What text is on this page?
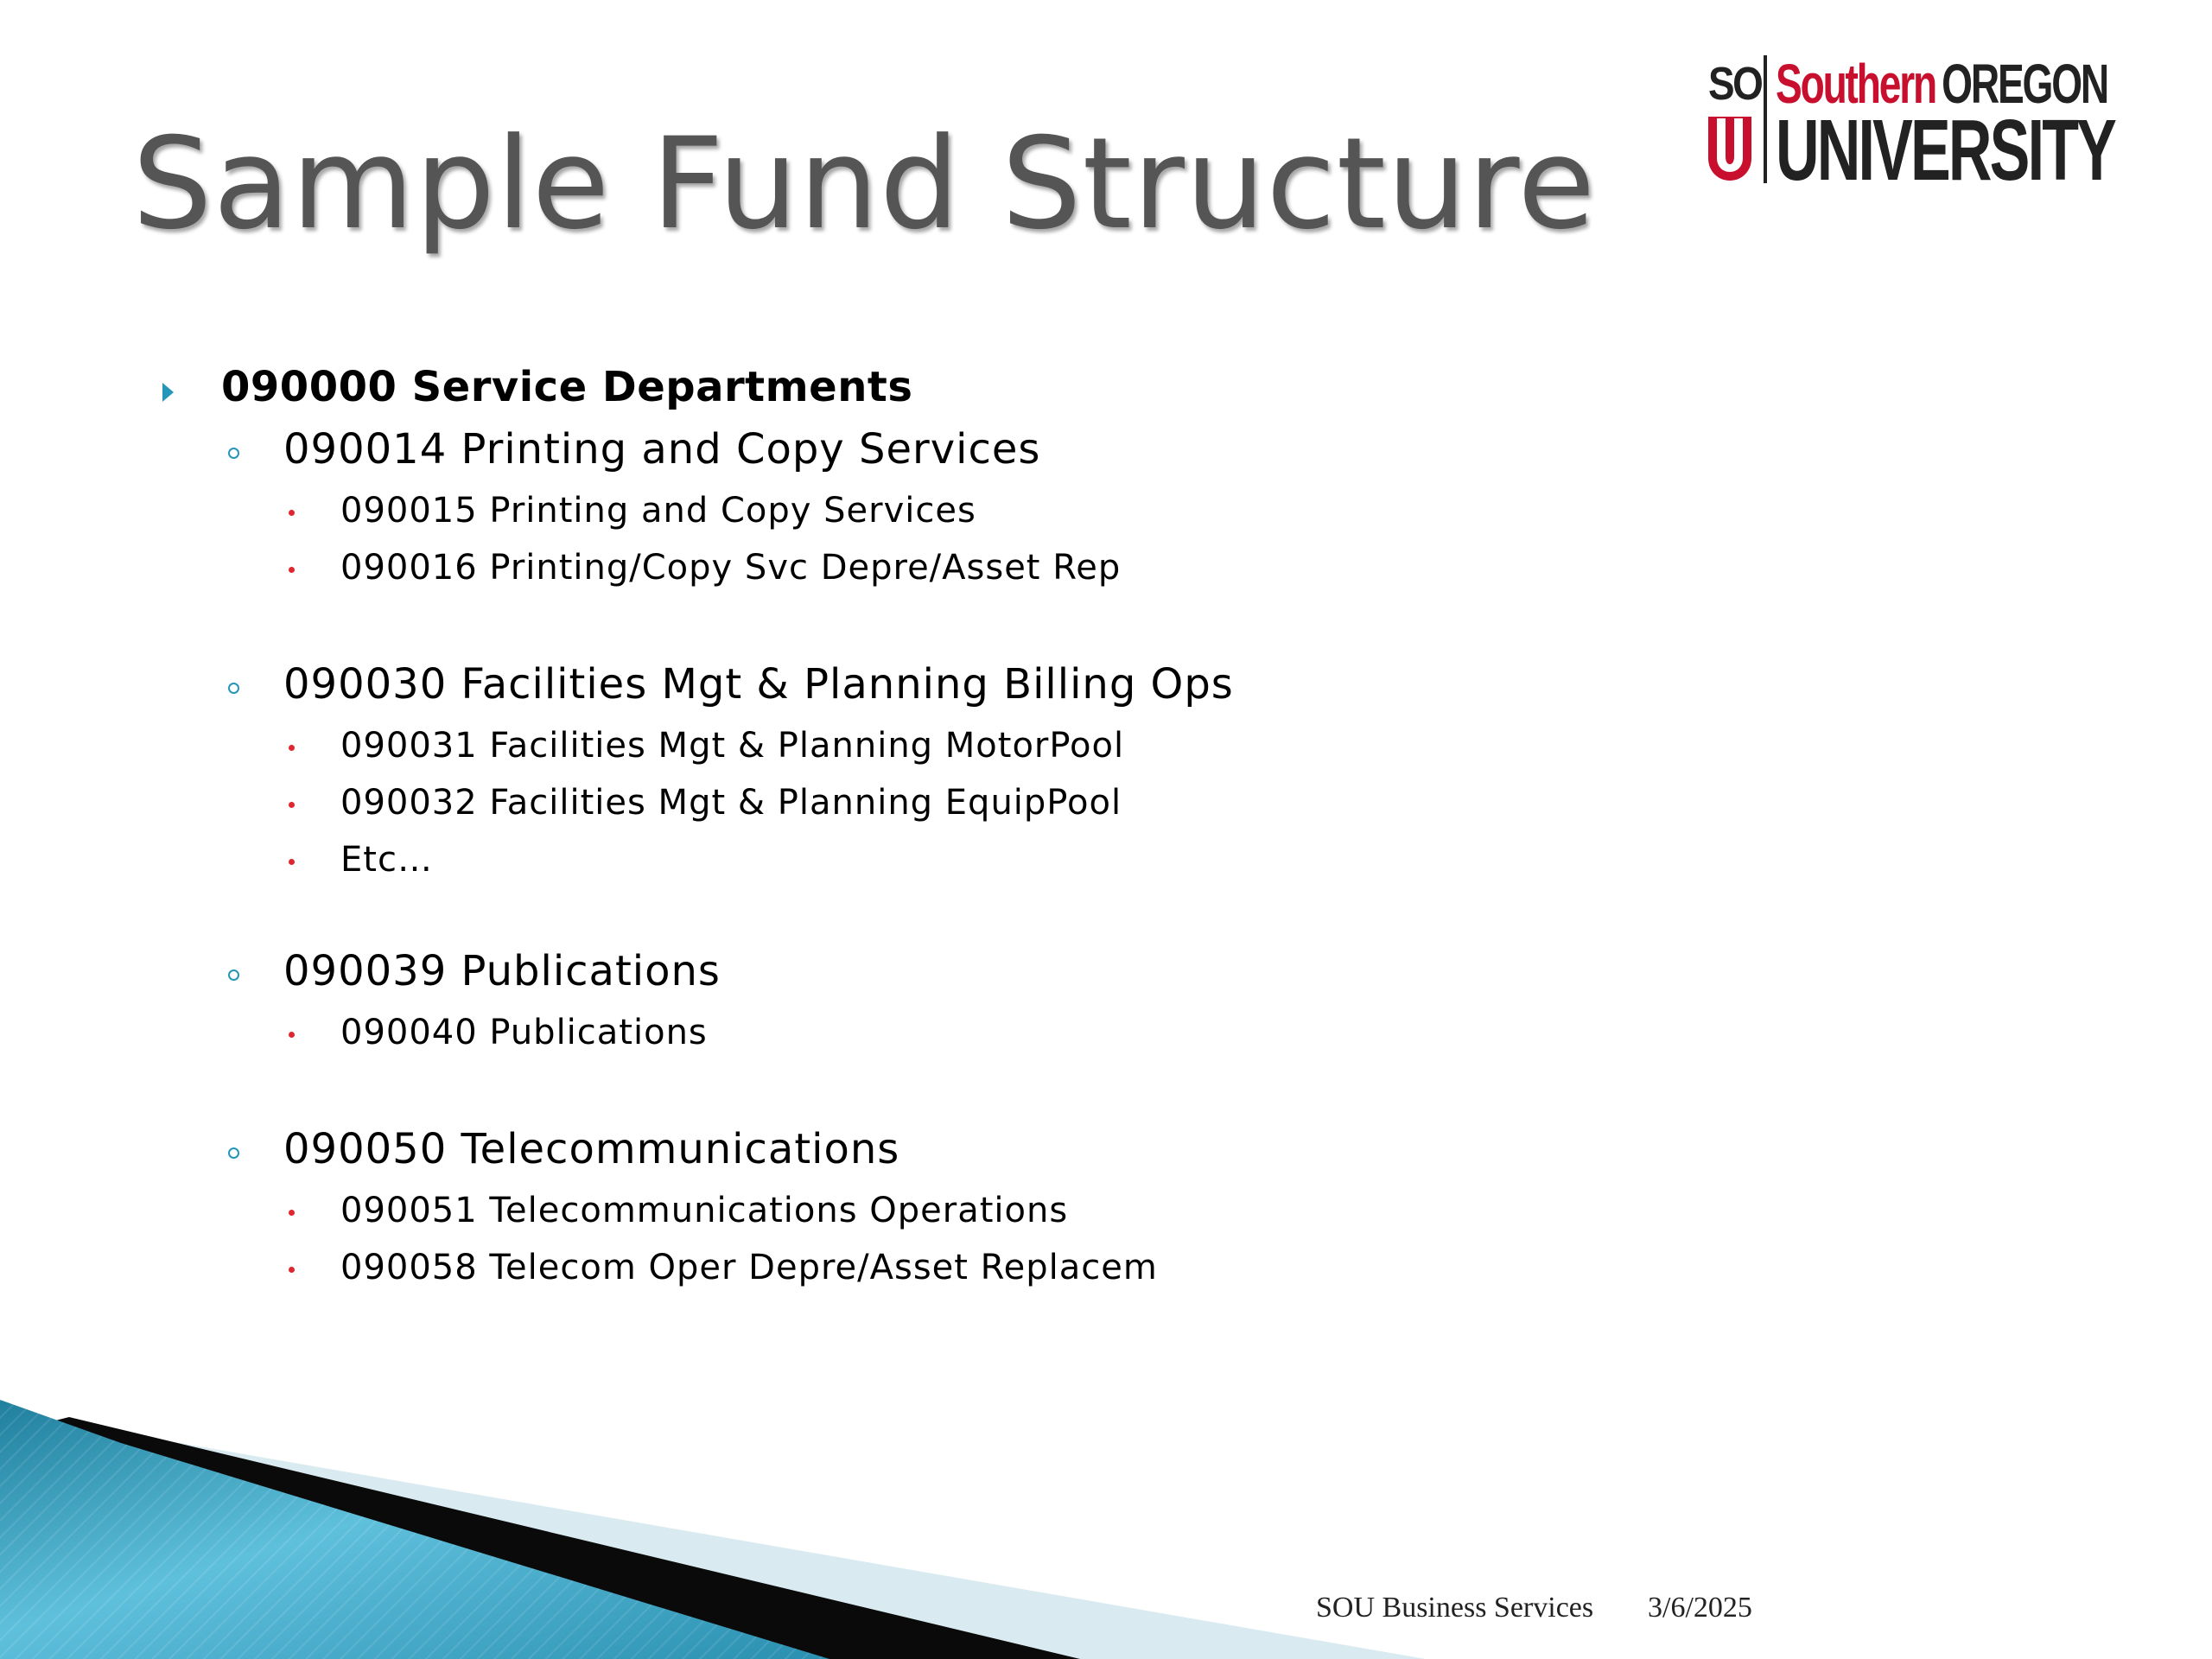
Sample Fund Structure
SO Southern OREGON
UNIVERSITY
090000 Service Departments
090014 Printing and Copy Services
090015 Printing and Copy Services
090016 Printing/Copy Svc Depre/Asset Rep
090030 Facilities Mgt & Planning Billing Ops
090031 Facilities Mgt & Planning MotorPool
090032 Facilities Mgt & Planning EquipPool
Etc…
090039 Publications
090040 Publications
090050 Telecommunications
090051 Telecommunications Operations
090058 Telecom Oper Depre/Asset Replacem
SOU Business Services 3/6/2025
